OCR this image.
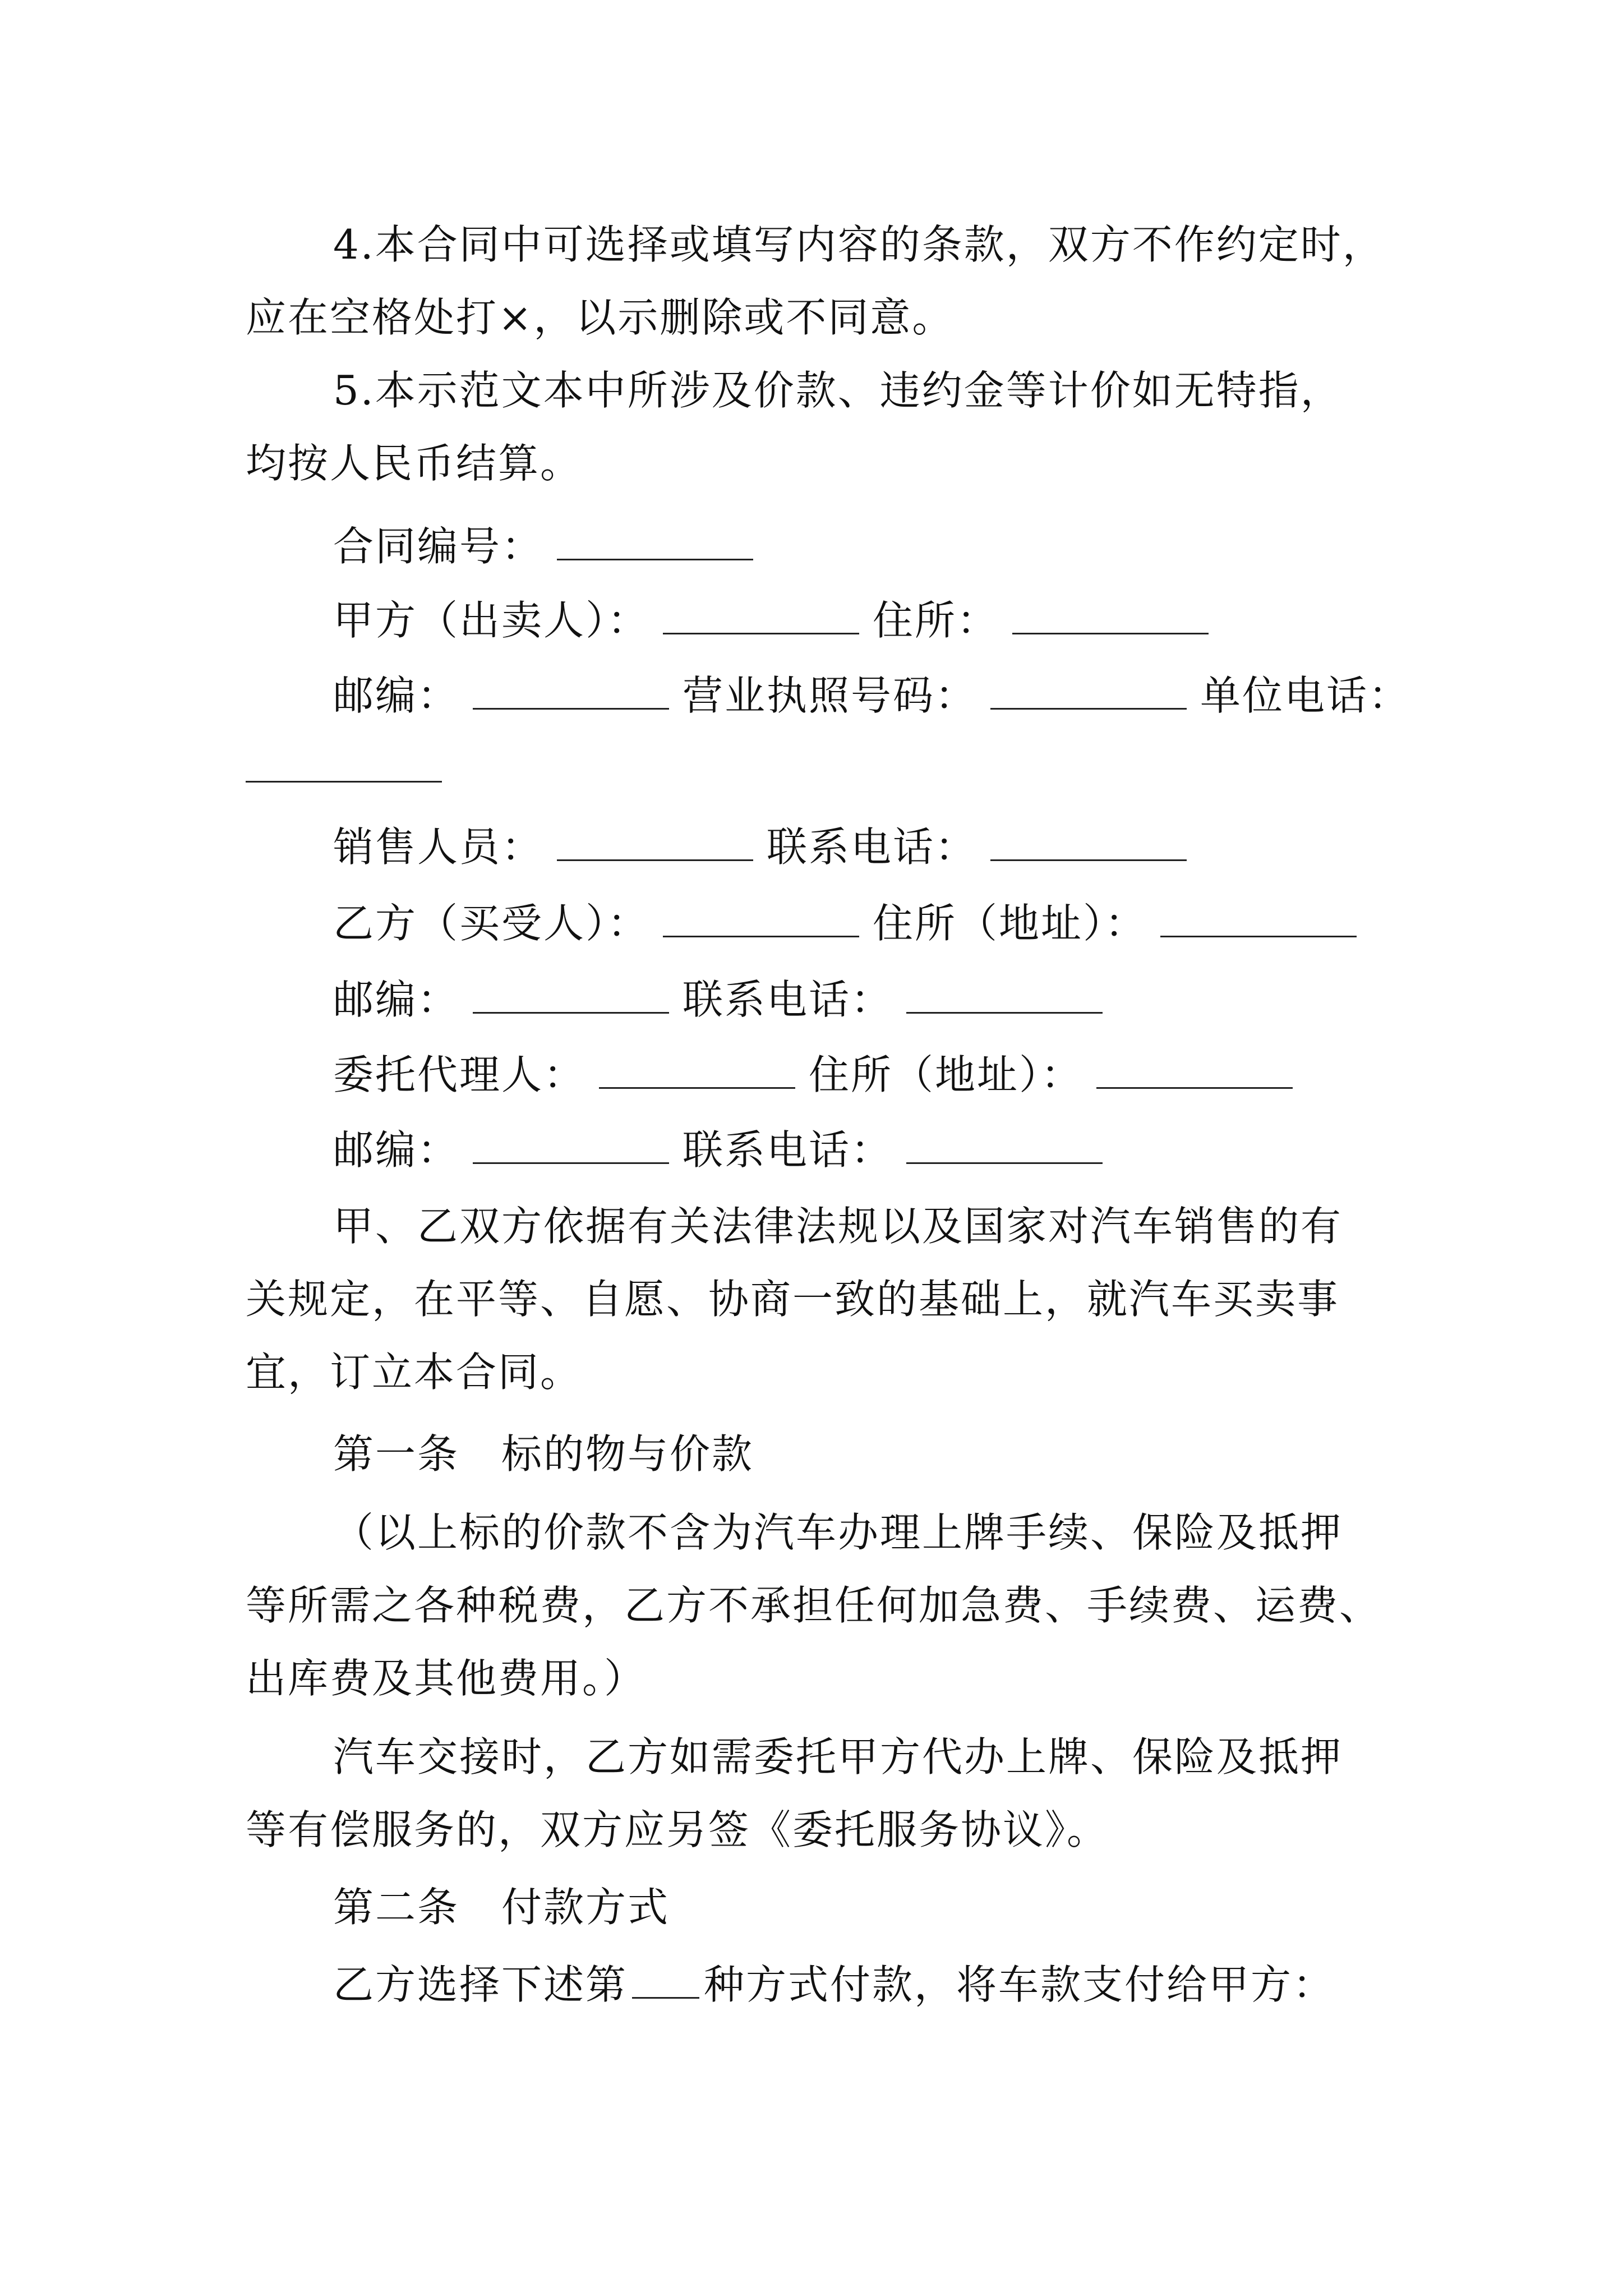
4.本合同中可选择或填写内容的条款，双方不作约定时，
应在空格处打×，以示删除或不同意。
5.本示范文本中所涉及价款、违约金等计价如无特指，
均按人民币结算。
合同编号：
甲方（出卖人）：	住所：
邮编：	营业执照号码：	单位电话：
销售人员：	联系电话：
乙方（买受人）：	住所（地址）：
邮编：	联系电话：
委托代理人：	住所（地址）：
邮编：	联系电话：
甲、乙双方依据有关法律法规以及国家对汽车销售的有
关规定，在平等、自愿、协商一致的基础上，就汽车买卖事
宜，订立本合同。
第一条　标的物与价款
（以上标的价款不含为汽车办理上牌手续、保险及抵押
等所需之各种税费，乙方不承担任何加急费、手续费、运费、
出库费及其他费用。）
汽车交接时，乙方如需委托甲方代办上牌、保险及抵押
等有偿服务的，双方应另签《委托服务协议》。
第二条　付款方式
乙方选择下述第 种方式付款，将车款支付给甲方：
